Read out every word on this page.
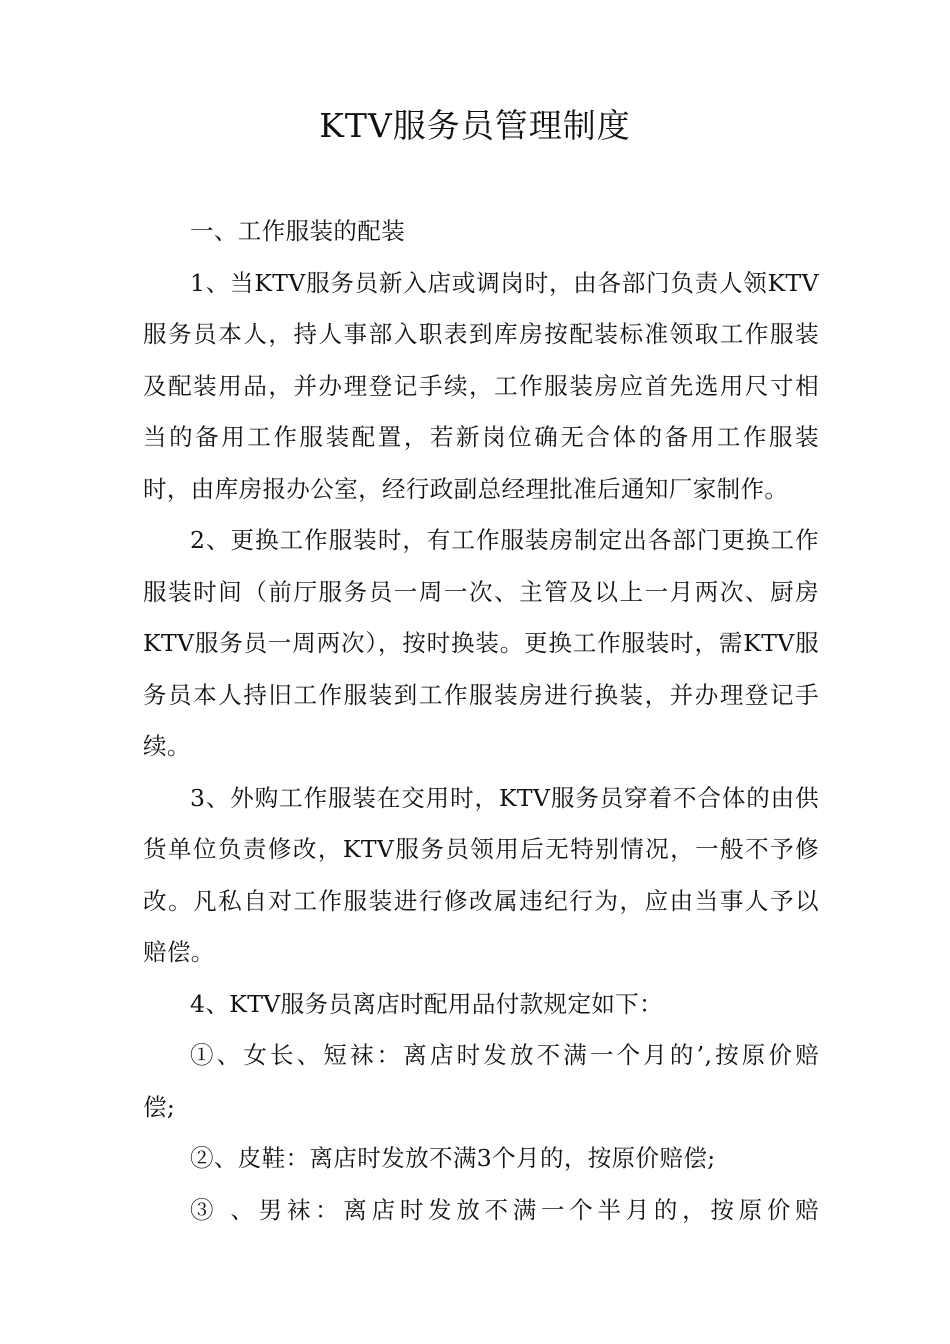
KTV服务员管理制度

一、工作服装的配装

1、当KTV服务员新入店或调岗时，由各部门负责人领KTV
服务员本人，持人事部入职表到库房按配装标准领取工作服装
及配装用品，并办理登记手续，工作服装房应首先选用尺寸相
当的备用工作服装配置，若新岗位确无合体的备用工作服装
时，由库房报办公室，经行政副总经理批准后通知厂家制作。

2、更换工作服装时，有工作服装房制定出各部门更换工作
服装时间（前厅服务员一周一次、主管及以上一月两次、厨房
KTV服务员一周两次），按时换装。更换工作服装时，需KTV服
务员本人持旧工作服装到工作服装房进行换装，并办理登记手
续。

3、外购工作服装在交用时，KTV服务员穿着不合体的由供
货单位负责修改，KTV服务员领用后无特别情况，一般不予修
改。凡私自对工作服装进行修改属违纪行为，应由当事人予以
赔偿。

4、KTV服务员离店时配用品付款规定如下：

①、女长、短袜：离店时发放不满一个月的’,按原价赔
偿;

②、皮鞋：离店时发放不满3个月的，按原价赔偿;

③ 、男袜：离店时发放不满一个半月的，按原价赔
